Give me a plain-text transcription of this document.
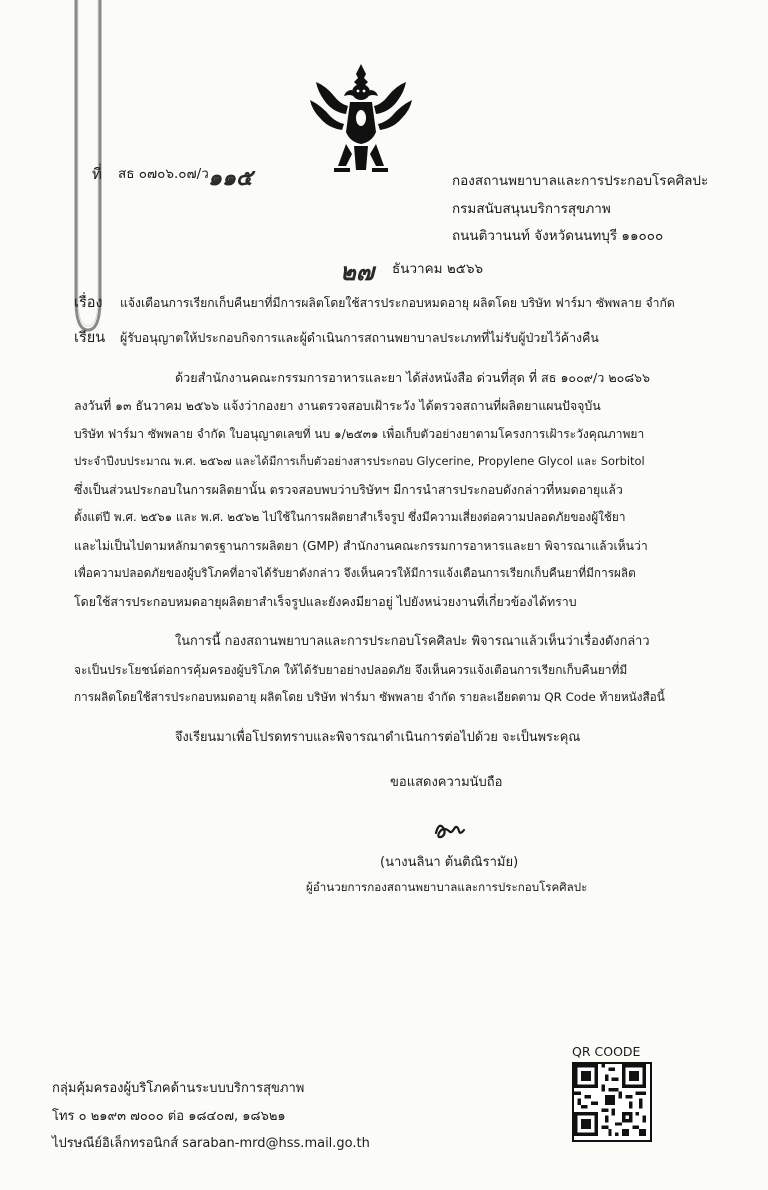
ที่ สธ ๐๗๐๖.๐๗/ว ๑๑๕	กองสถานพยาบาลและการประกอบโรคศิลปะ
กรมสนับสนุนบริการสุขภาพ
ถนนติวานนท์ จังหวัดนนทบุรี ๑๑๐๐๐
๒๗ ธันวาคม ๒๕๖๖
เรื่อง แจ้งเตือนการเรียกเก็บคืนยาที่มีการผลิตโดยใช้สารประกอบหมดอายุ ผลิตโดย บริษัท ฟาร์มา ซัพพลาย จำกัด
เรียน ผู้รับอนุญาตให้ประกอบกิจการและผู้ดำเนินการสถานพยาบาลประเภทที่ไม่รับผู้ป่วยไว้ค้างคืน
ด้วยสำนักงานคณะกรรมการอาหารและยา ได้ส่งหนังสือ ด่วนที่สุด ที่ สธ ๑๐๐๙/ว ๒๐๘๖๖
ลงวันที่ ๑๓ ธันวาคม ๒๕๖๖ แจ้งว่ากองยา งานตรวจสอบเฝ้าระวัง ได้ตรวจสถานที่ผลิตยาแผนปัจจุบัน
บริษัท ฟาร์มา ซัพพลาย จำกัด ใบอนุญาตเลขที่ นบ ๑/๒๕๓๑ เพื่อเก็บตัวอย่างยาตามโครงการเฝ้าระวังคุณภาพยา
ประจำปีงบประมาณ พ.ศ. ๒๕๖๗ และได้มีการเก็บตัวอย่างสารประกอบ Glycerine, Propylene Glycol และ Sorbitol
ซึ่งเป็นส่วนประกอบในการผลิตยานั้น ตรวจสอบพบว่าบริษัทฯ มีการนำสารประกอบดังกล่าวที่หมดอายุแล้ว
ตั้งแต่ปี พ.ศ. ๒๕๖๑ และ พ.ศ. ๒๕๖๒ ไปใช้ในการผลิตยาสำเร็จรูป ซึ่งมีความเสี่ยงต่อความปลอดภัยของผู้ใช้ยา
และไม่เป็นไปตามหลักมาตรฐานการผลิตยา (GMP) สำนักงานคณะกรรมการอาหารและยา พิจารณาแล้วเห็นว่า
เพื่อความปลอดภัยของผู้บริโภคที่อาจได้รับยาดังกล่าว จึงเห็นควรให้มีการแจ้งเตือนการเรียกเก็บคืนยาที่มีการผลิต
โดยใช้สารประกอบหมดอายุผลิตยาสำเร็จรูปและยังคงมียาอยู่ ไปยังหน่วยงานที่เกี่ยวข้องได้ทราบ
ในการนี้ กองสถานพยาบาลและการประกอบโรคศิลปะ พิจารณาแล้วเห็นว่าเรื่องดังกล่าว
จะเป็นประโยชน์ต่อการคุ้มครองผู้บริโภค ให้ได้รับยาอย่างปลอดภัย จึงเห็นควรแจ้งเตือนการเรียกเก็บคืนยาที่มี
การผลิตโดยใช้สารประกอบหมดอายุ ผลิตโดย บริษัท ฟาร์มา ซัพพลาย จำกัด รายละเอียดตาม QR Code ท้ายหนังสือนี้
จึงเรียนมาเพื่อโปรดทราบและพิจารณาดำเนินการต่อไปด้วย จะเป็นพระคุณ
ขอแสดงความนับถือ
(นางนลินา ต้นติณิรามัย)
ผู้อำนวยการกองสถานพยาบาลและการประกอบโรคศิลปะ
กลุ่มคุ้มครองผู้บริโภคด้านระบบบริการสุขภาพ
โทร ๐ ๒๑๙๓ ๗๐๐๐ ต่อ ๑๘๔๐๗, ๑๘๖๒๑
ไปรษณีย์อิเล็กทรอนิกส์ saraban-mrd@hss.mail.go.th
QR COODE
